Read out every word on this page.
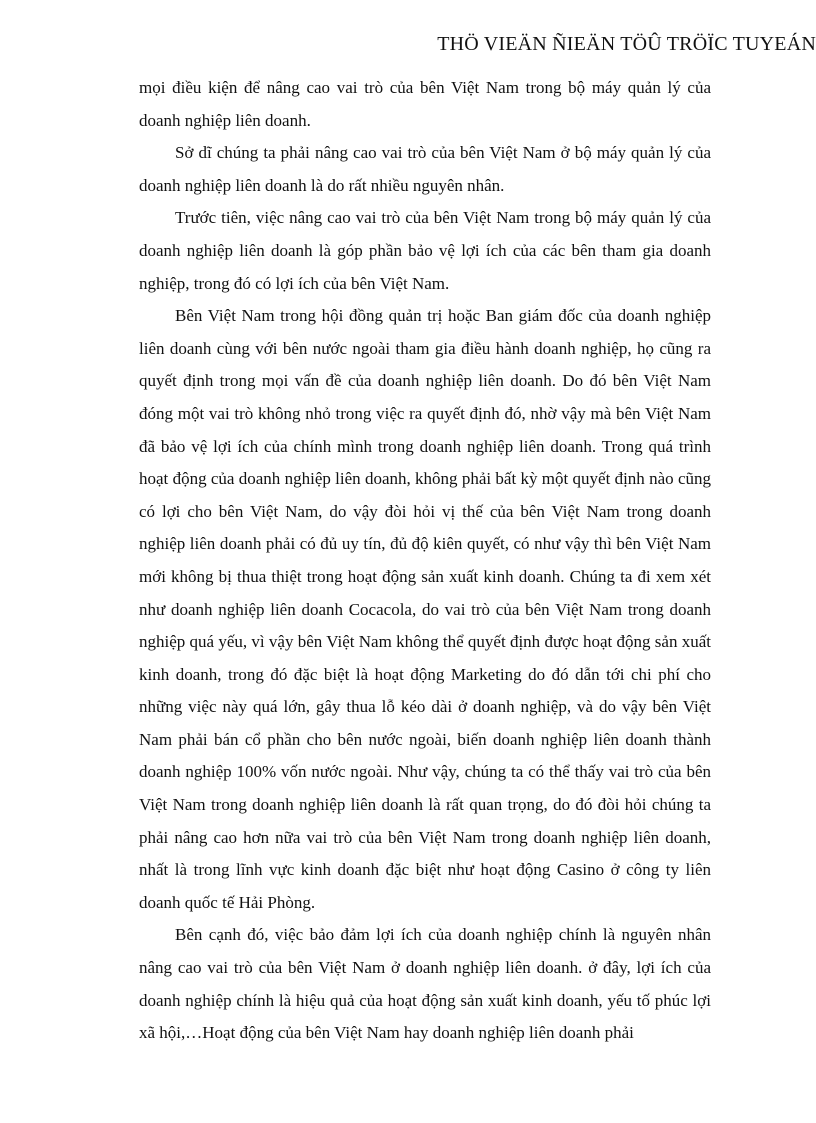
THÖ VIEÄN ÑIEÄN TÖÛ TRÖÏC TUYEÁN

mọi điều kiện để nâng cao vai trò của bên Việt Nam trong bộ máy quản lý của doanh nghiệp liên doanh.

Sở dĩ chúng ta phải nâng cao vai trò của bên Việt Nam ở bộ máy quản lý của doanh nghiệp liên doanh là do rất nhiều nguyên nhân.

Trước tiên, việc nâng cao vai trò của bên Việt Nam trong bộ máy quản lý của doanh nghiệp liên doanh là góp phần bảo vệ lợi ích của các bên tham gia doanh nghiệp, trong đó có lợi ích của bên Việt Nam.

Bên Việt Nam trong hội đồng quản trị hoặc Ban giám đốc của doanh nghiệp liên doanh cùng với bên nước ngoài tham gia điều hành doanh nghiệp, họ cũng ra quyết định trong mọi vấn đề của doanh nghiệp liên doanh. Do đó bên Việt Nam đóng một vai trò không nhỏ trong việc ra quyết định đó, nhờ vậy mà bên Việt Nam đã bảo vệ lợi ích của chính mình trong doanh nghiệp liên doanh. Trong quá trình hoạt động của doanh nghiệp liên doanh, không phải bất kỳ một quyết định nào cũng có lợi cho bên Việt Nam, do vậy đòi hỏi vị thế của bên Việt Nam trong doanh nghiệp liên doanh phải có đủ uy tín, đủ độ kiên quyết, có như vậy thì bên Việt Nam mới không bị thua thiệt trong hoạt động sản xuất kinh doanh. Chúng ta đi xem xét như doanh nghiệp liên doanh Cocacola, do vai trò của bên Việt Nam trong doanh nghiệp quá yếu, vì vậy bên Việt Nam không thể quyết định được hoạt động sản xuất kinh doanh, trong đó đặc biệt là hoạt động Marketing do đó dẫn tới chi phí cho những việc này quá lớn, gây thua lỗ kéo dài ở doanh nghiệp, và do vậy bên Việt Nam phải bán cổ phần cho bên nước ngoài, biến doanh nghiệp liên doanh thành doanh nghiệp 100% vốn nước ngoài. Như vậy, chúng ta có thể thấy vai trò của bên Việt Nam trong doanh nghiệp liên doanh là rất quan trọng, do đó đòi hỏi chúng ta phải nâng cao hơn nữa vai trò của bên Việt Nam trong doanh nghiệp liên doanh, nhất là trong lĩnh vực kinh doanh đặc biệt như hoạt động Casino ở công ty liên doanh quốc tế Hải Phòng.

Bên cạnh đó, việc bảo đảm lợi ích của doanh nghiệp chính là nguyên nhân nâng cao vai trò của bên Việt Nam ở doanh nghiệp liên doanh. ở đây, lợi ích của doanh nghiệp chính là hiệu quả của hoạt động sản xuất kinh doanh, yếu tố phúc lợi xã hội,…Hoạt động của bên Việt Nam hay doanh nghiệp liên doanh phải
